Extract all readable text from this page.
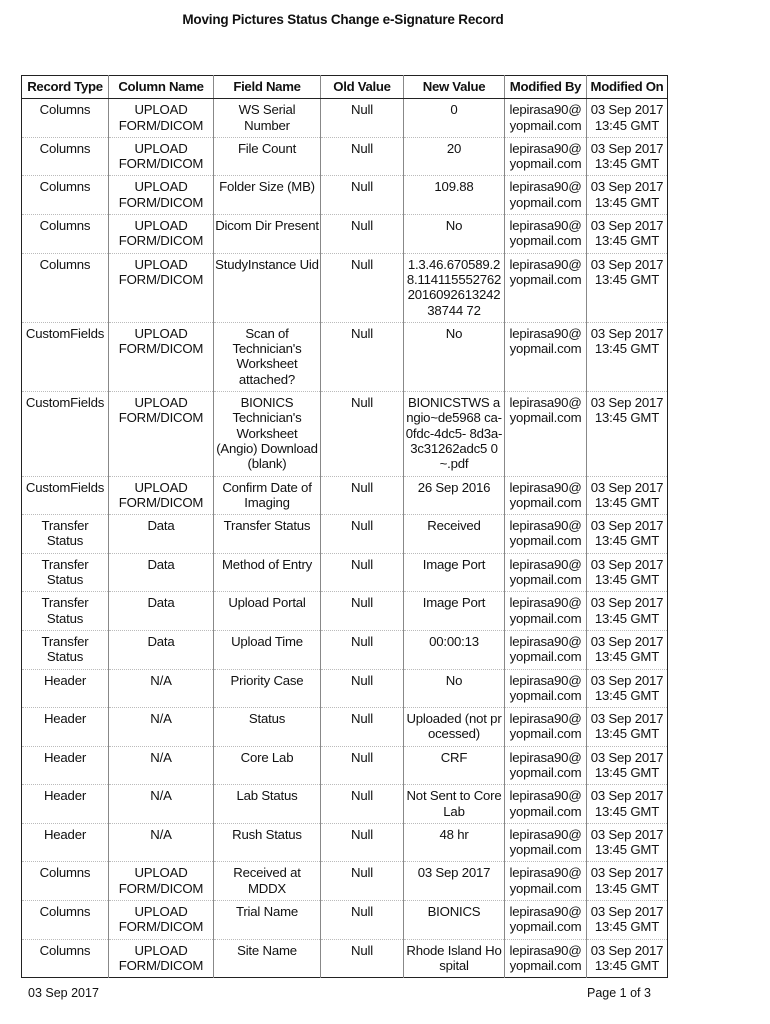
Moving Pictures Status Change e-Signature Record
Record Type	Column Name	Field Name	Old Value	New Value	Modified By	Modified On
Columns	UPLOAD FORM/DICOM	WS Serial Number	Null	0	lepirasa90@ yopmail.com	03 Sep 2017 13:45 GMT
Columns	UPLOAD FORM/DICOM	File Count	Null	20	lepirasa90@ yopmail.com	03 Sep 2017 13:45 GMT
Columns	UPLOAD FORM/DICOM	Folder Size (MB)	Null	109.88	lepirasa90@ yopmail.com	03 Sep 2017 13:45 GMT
Columns	UPLOAD FORM/DICOM	Dicom Dir Present	Null	No	lepirasa90@ yopmail.com	03 Sep 2017 13:45 GMT
Columns	UPLOAD FORM/DICOM	StudyInstance Uid	Null	1.3.46.670589.28.114115552762201609261324238744 72	lepirasa90@ yopmail.com	03 Sep 2017 13:45 GMT
CustomFields	UPLOAD FORM/DICOM	Scan of Technician's Worksheet attached?	Null	No	lepirasa90@ yopmail.com	03 Sep 2017 13:45 GMT
CustomFields	UPLOAD FORM/DICOM	BIONICS Technician's Worksheet (Angio) Download (blank)	Null	BIONICSTWS angio~de5968 ca-0fdc-4dc5- 8d3a- 3c31262adc5 0~.pdf	lepirasa90@ yopmail.com	03 Sep 2017 13:45 GMT
CustomFields	UPLOAD FORM/DICOM	Confirm Date of Imaging	Null	26 Sep 2016	lepirasa90@ yopmail.com	03 Sep 2017 13:45 GMT
Transfer Status	Data	Transfer Status	Null	Received	lepirasa90@ yopmail.com	03 Sep 2017 13:45 GMT
Transfer Status	Data	Method of Entry	Null	Image Port	lepirasa90@ yopmail.com	03 Sep 2017 13:45 GMT
Transfer Status	Data	Upload Portal	Null	Image Port	lepirasa90@ yopmail.com	03 Sep 2017 13:45 GMT
Transfer Status	Data	Upload Time	Null	00:00:13	lepirasa90@ yopmail.com	03 Sep 2017 13:45 GMT
Header	N/A	Priority Case	Null	No	lepirasa90@ yopmail.com	03 Sep 2017 13:45 GMT
Header	N/A	Status	Null	Uploaded (not processed)	lepirasa90@ yopmail.com	03 Sep 2017 13:45 GMT
Header	N/A	Core Lab	Null	CRF	lepirasa90@ yopmail.com	03 Sep 2017 13:45 GMT
Header	N/A	Lab Status	Null	Not Sent to Core Lab	lepirasa90@ yopmail.com	03 Sep 2017 13:45 GMT
Header	N/A	Rush Status	Null	48 hr	lepirasa90@ yopmail.com	03 Sep 2017 13:45 GMT
Columns	UPLOAD FORM/DICOM	Received at MDDX	Null	03 Sep 2017	lepirasa90@ yopmail.com	03 Sep 2017 13:45 GMT
Columns	UPLOAD FORM/DICOM	Trial Name	Null	BIONICS	lepirasa90@ yopmail.com	03 Sep 2017 13:45 GMT
Columns	UPLOAD FORM/DICOM	Site Name	Null	Rhode Island Hospital	lepirasa90@ yopmail.com	03 Sep 2017 13:45 GMT
03 Sep 2017	Page 1 of 3
